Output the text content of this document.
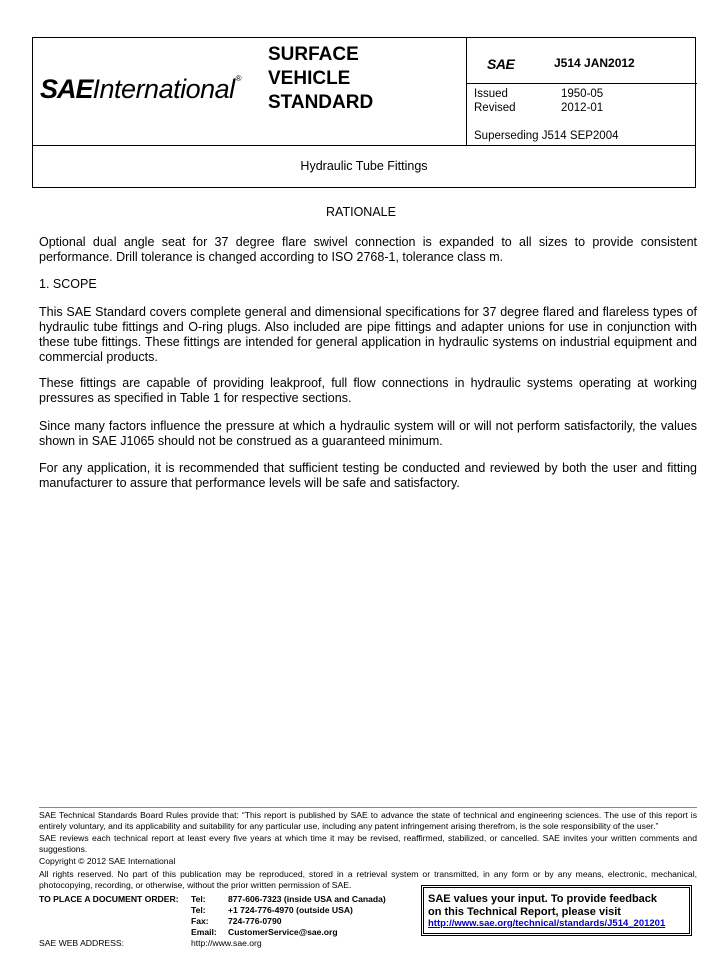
SAEInternational®
SURFACE
VEHICLE
STANDARD
SAE	J514 JAN2012
Issued	1950-05
Revised	2012-01
Superseding J514 SEP2004
Hydraulic Tube Fittings
RATIONALE

Optional dual angle seat for 37 degree flare swivel connection is expanded to all sizes to provide consistent performance. Drill tolerance is changed according to ISO 2768-1, tolerance class m.

1. SCOPE

This SAE Standard covers complete general and dimensional specifications for 37 degree flared and flareless types of hydraulic tube fittings and O-ring plugs. Also included are pipe fittings and adapter unions for use in conjunction with these tube fittings. These fittings are intended for general application in hydraulic systems on industrial equipment and commercial products.

These fittings are capable of providing leakproof, full flow connections in hydraulic systems operating at working pressures as specified in Table 1 for respective sections.

Since many factors influence the pressure at which a hydraulic system will or will not perform satisfactorily, the values shown in SAE J1065 should not be construed as a guaranteed minimum.

For any application, it is recommended that sufficient testing be conducted and reviewed by both the user and fitting manufacturer to assure that performance levels will be safe and satisfactory.

SAE Technical Standards Board Rules provide that: “This report is published by SAE to advance the state of technical and engineering sciences. The use of this report is entirely voluntary, and its applicability and suitability for any particular use, including any patent infringement arising therefrom, is the sole responsibility of the user.”

SAE reviews each technical report at least every five years at which time it may be revised, reaffirmed, stabilized, or cancelled. SAE invites your written comments and suggestions.

Copyright © 2012 SAE International

All rights reserved. No part of this publication may be reproduced, stored in a retrieval system or transmitted, in any form or by any means, electronic, mechanical, photocopying, recording, or otherwise, without the prior written permission of SAE.

TO PLACE A DOCUMENT ORDER: Tel:	877-606-7323 (inside USA and Canada)
Tel:	+1 724-776-4970 (outside USA)
Fax: 724-776-0790
Email: CustomerService@sae.org
SAE WEB ADDRESS:	http://www.sae.org
SAE values your input. To provide feedback
on this Technical Report, please visit
http://www.sae.org/technical/standards/J514_201201
